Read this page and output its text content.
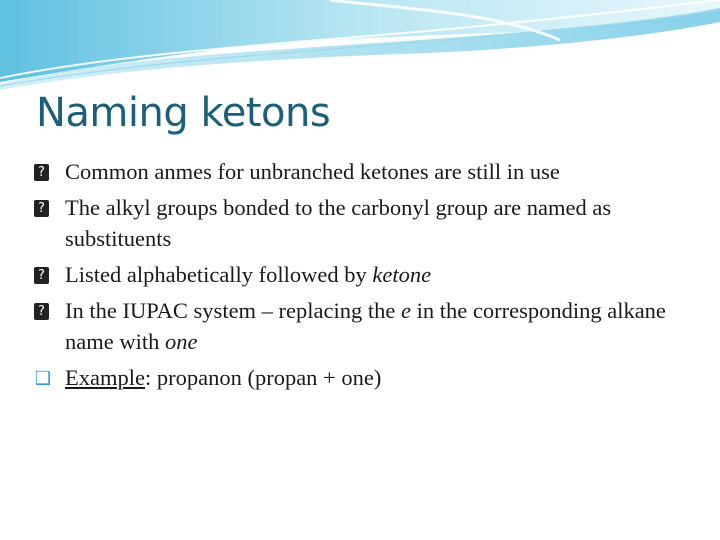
Naming ketons
? Common anmes for unbranched ketones are still in use
? The alkyl groups bonded to the carbonyl group are named as substituents
? Listed alphabetically followed by ketone
? In the IUPAC system – replacing the e in the corresponding alkane name with one
❑ Example: propanon (propan + one)
